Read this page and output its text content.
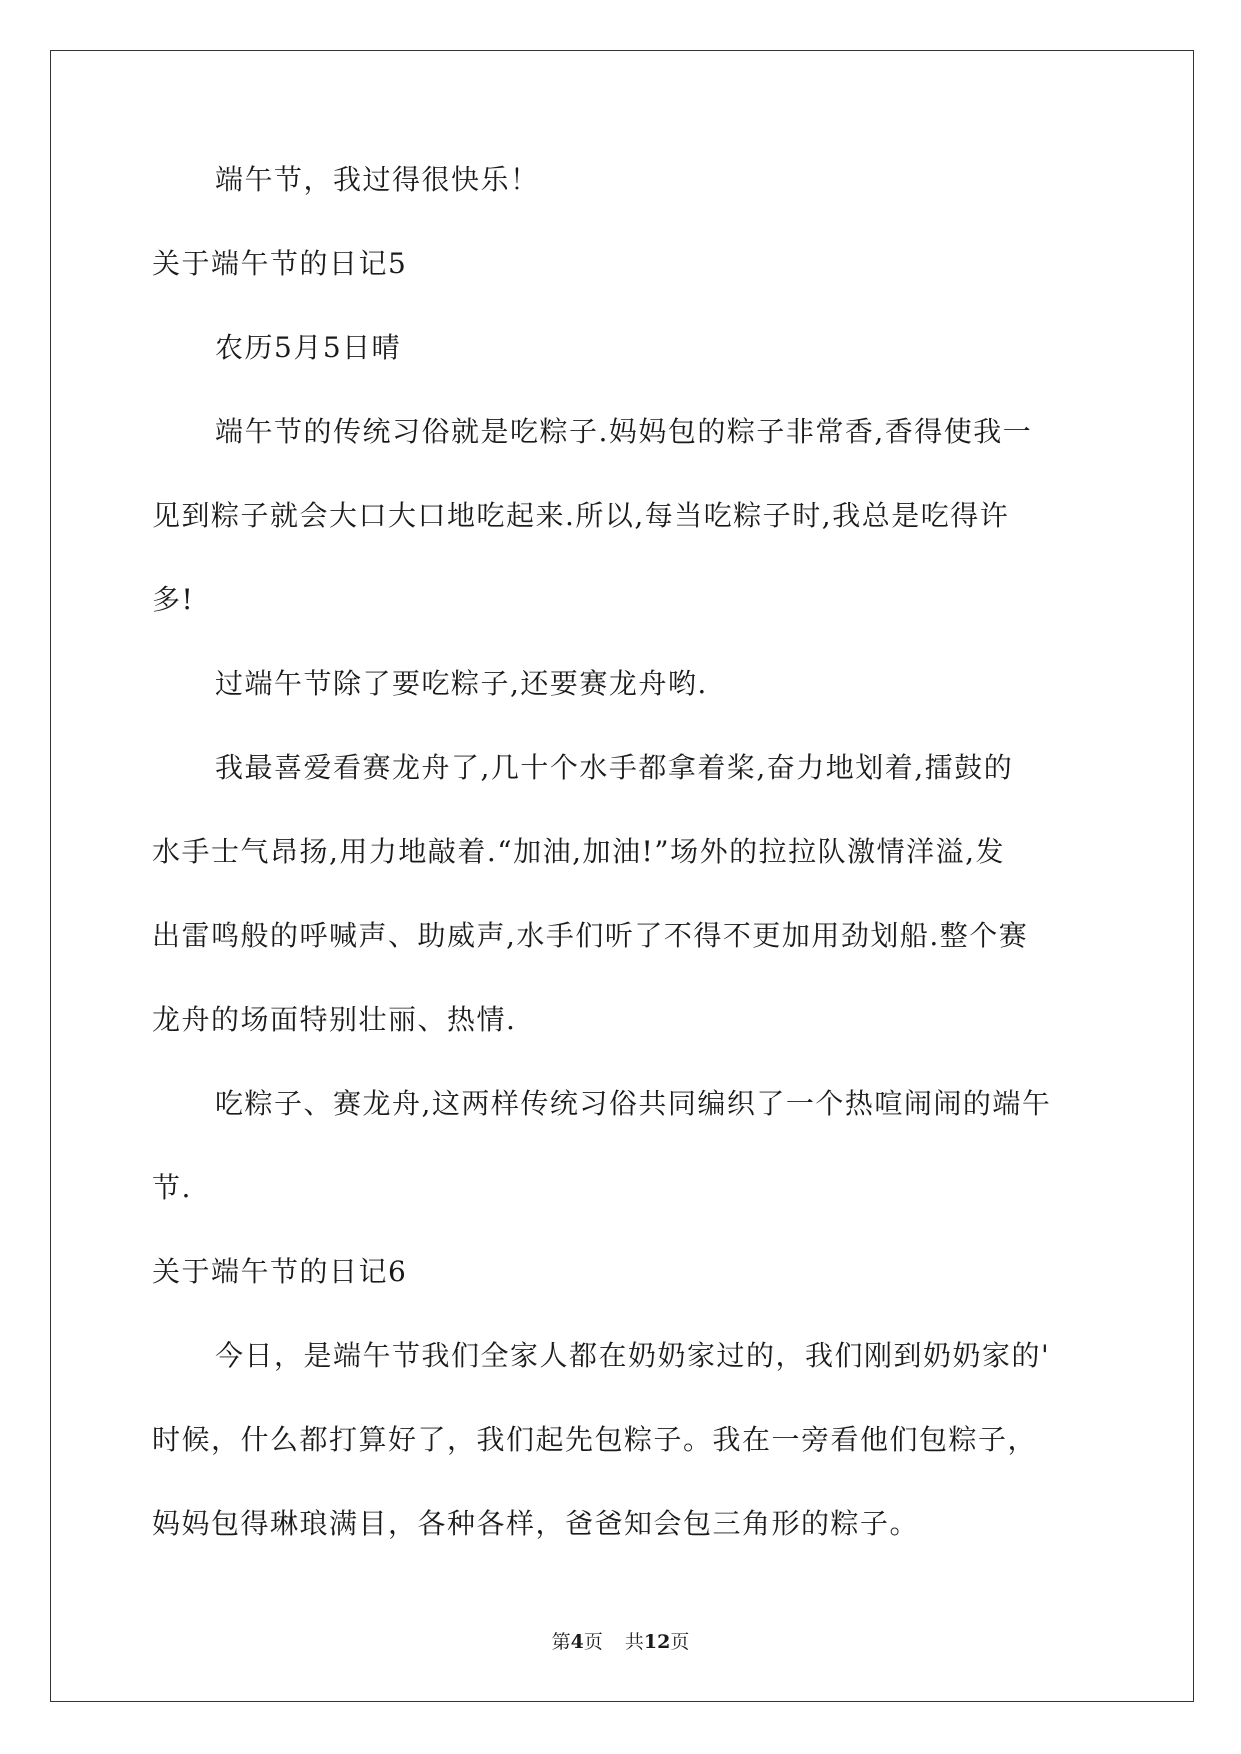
端午节，我过得很快乐！
关于端午节的日记5
农历5月5日晴
端午节的传统习俗就是吃粽子.妈妈包的粽子非常香,香得使我一
见到粽子就会大口大口地吃起来.所以,每当吃粽子时,我总是吃得许
多!
过端午节除了要吃粽子,还要赛龙舟哟.
我最喜爱看赛龙舟了,几十个水手都拿着桨,奋力地划着,擂鼓的
水手士气昂扬,用力地敲着.“加油,加油!”场外的拉拉队激情洋溢,发
出雷鸣般的呼喊声、助威声,水手们听了不得不更加用劲划船.整个赛
龙舟的场面特别壮丽、热情.
吃粽子、赛龙舟,这两样传统习俗共同编织了一个热喧闹闹的端午
节.
关于端午节的日记6
今日，是端午节我们全家人都在奶奶家过的，我们刚到奶奶家的'
时候，什么都打算好了，我们起先包粽子。我在一旁看他们包粽子，
妈妈包得琳琅满目，各种各样，爸爸知会包三角形的粽子。
第4页 共12页
